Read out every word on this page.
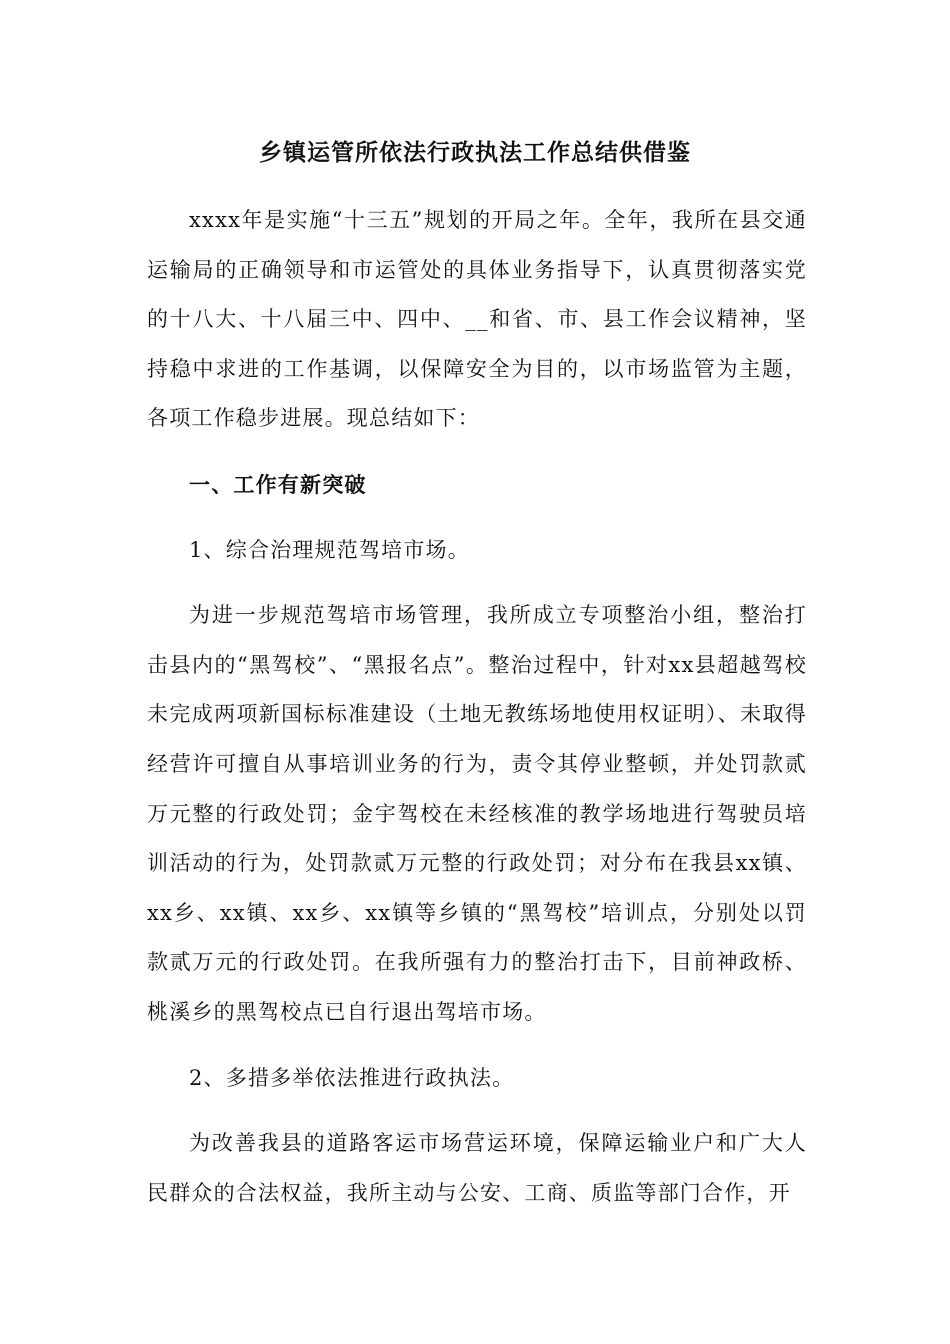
乡镇运管所依法行政执法工作总结供借鉴

xxxx年是实施“十三五”规划的开局之年。全年，我所在县交通运输局的正确领导和市运管处的具体业务指导下，认真贯彻落实党的十八大、十八届三中、四中、__和省、市、县工作会议精神，坚持稳中求进的工作基调，以保障安全为目的，以市场监管为主题，各项工作稳步进展。现总结如下：

一、工作有新突破

1、综合治理规范驾培市场。

为进一步规范驾培市场管理，我所成立专项整治小组，整治打击县内的“黑驾校”、“黑报名点”。整治过程中，针对xx县超越驾校未完成两项新国标标准建设（土地无教练场地使用权证明）、未取得经营许可擅自从事培训业务的行为，责令其停业整顿，并处罚款贰万元整的行政处罚；金宇驾校在未经核准的教学场地进行驾驶员培训活动的行为，处罚款贰万元整的行政处罚；对分布在我县xx镇、xx乡、xx镇、xx乡、xx镇等乡镇的“黑驾校”培训点，分别处以罚款贰万元的行政处罚。在我所强有力的整治打击下，目前神政桥、桃溪乡的黑驾校点已自行退出驾培市场。

2、多措多举依法推进行政执法。

为改善我县的道路客运市场营运环境，保障运输业户和广大人民群众的合法权益，我所主动与公安、工商、质监等部门合作，开
